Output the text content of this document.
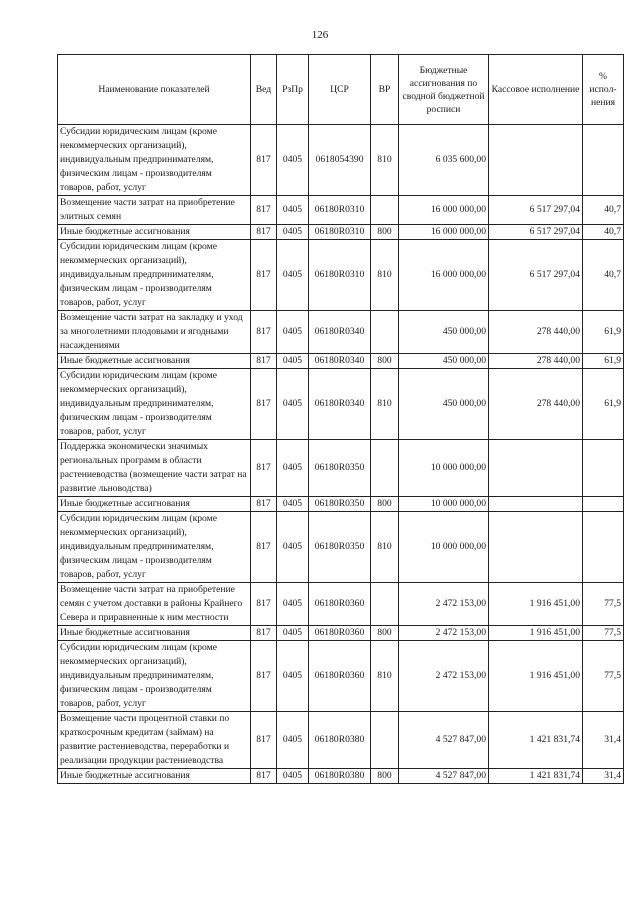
126
Наименование показателей	Вед	РзПр	ЦСР	ВР	Бюджетные ассигнования по сводной бюджетной росписи	Кассовое исполнение	% испол- нения
Субсидии юридическим лицам (кроме некоммерческих организаций), индивидуальным предпринимателям, физическим лицам - производителям товаров, работ, услуг	817	0405	0618054390	810	6 035 600,00		
Возмещение части затрат на приобретение элитных семян	817	0405	06180R0310		16 000 000,00	6 517 297,04	40,7
Иные бюджетные ассигнования	817	0405	06180R0310	800	16 000 000,00	6 517 297,04	40,7
Субсидии юридическим лицам (кроме некоммерческих организаций), индивидуальным предпринимателям, физическим лицам - производителям товаров, работ, услуг	817	0405	06180R0310	810	16 000 000,00	6 517 297,04	40,7
Возмещение части затрат на закладку и уход за многолетними плодовыми и ягодными насаждениями	817	0405	06180R0340		450 000,00	278 440,00	61,9
Иные бюджетные ассигнования	817	0405	06180R0340	800	450 000,00	278 440,00	61,9
Субсидии юридическим лицам (кроме некоммерческих организаций), индивидуальным предпринимателям, физическим лицам - производителям товаров, работ, услуг	817	0405	06180R0340	810	450 000,00	278 440,00	61,9
Поддержка экономически значимых региональных программ в области растениеводства (возмещение части затрат на развитие льноводства)	817	0405	06180R0350		10 000 000,00		
Иные бюджетные ассигнования	817	0405	06180R0350	800	10 000 000,00		
Субсидии юридическим лицам (кроме некоммерческих организаций), индивидуальным предпринимателям, физическим лицам - производителям товаров, работ, услуг	817	0405	06180R0350	810	10 000 000,00		
Возмещение части затрат на приобретение семян с учетом доставки в районы Крайнего Севера и приравненные к ним местности	817	0405	06180R0360		2 472 153,00	1 916 451,00	77,5
Иные бюджетные ассигнования	817	0405	06180R0360	800	2 472 153,00	1 916 451,00	77,5
Субсидии юридическим лицам (кроме некоммерческих организаций), индивидуальным предпринимателям, физическим лицам - производителям товаров, работ, услуг	817	0405	06180R0360	810	2 472 153,00	1 916 451,00	77,5
Возмещение части процентной ставки по краткосрочным кредитам (займам) на развитие растениеводства, переработки и реализации продукции растениеводства	817	0405	06180R0380		4 527 847,00	1 421 831,74	31,4
Иные бюджетные ассигнования	817	0405	06180R0380	800	4 527 847,00	1 421 831,74	31,4
